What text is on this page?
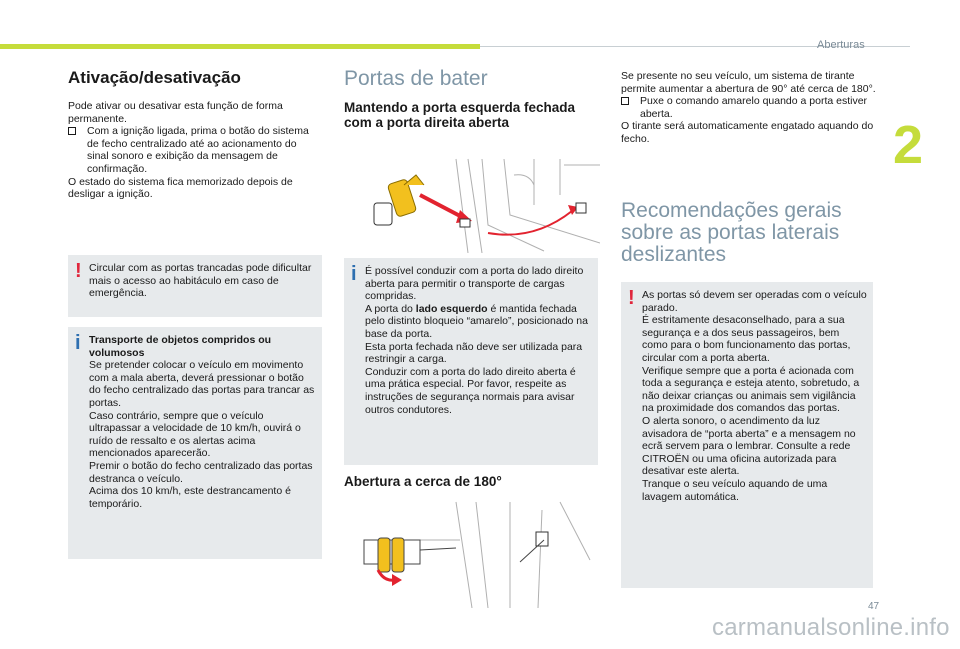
Aberturas
2
Ativação/desativação

Pode ativar ou desativar esta função de forma permanente.

Com a ignição ligada, prima o botão do sistema de fecho centralizado até ao acionamento do sinal sonoro e exibição da mensagem de confirmação.

O estado do sistema fica memorizado depois de desligar a ignição.

! Circular com as portas trancadas pode dificultar mais o acesso ao habitáculo em caso de emergência.

i Transporte de objetos compridos ou volumosos

Se pretender colocar o veículo em movimento com a mala aberta, deverá pressionar o botão do fecho centralizado das portas para trancar as portas.

Caso contrário, sempre que o veículo ultrapassar a velocidade de 10 km/h, ouvirá o ruído de ressalto e os alertas acima mencionados aparecerão.

Premir o botão do fecho centralizado das portas destranca o veículo.

Acima dos 10 km/h, este destrancamento é temporário.

Portas de bater
Mantendo a porta esquerda fechada com a porta direita aberta
i É possível conduzir com a porta do lado direito aberta para permitir o transporte de cargas compridas.

A porta do lado esquerdo é mantida fechada pelo distinto bloqueio “amarelo”, posicionado na base da porta.

Esta porta fechada não deve ser utilizada para restringir a carga.

Conduzir com a porta do lado direito aberta é uma prática especial. Por favor, respeite as instruções de segurança normais para avisar outros condutores.

Abertura a cerca de 180°

Se presente no seu veículo, um sistema de tirante permite aumentar a abertura de 90° até cerca de 180°.

Puxe o comando amarelo quando a porta estiver aberta.

O tirante será automaticamente engatado aquando do fecho.

Recomendações gerais sobre as portas laterais deslizantes
! As portas só devem ser operadas com o veículo parado.

É estritamente desaconselhado, para a sua segurança e a dos seus passageiros, bem como para o bom funcionamento das portas, circular com a porta aberta.

Verifique sempre que a porta é acionada com toda a segurança e esteja atento, sobretudo, a não deixar crianças ou animais sem vigilância na proximidade dos comandos das portas.

O alerta sonoro, o acendimento da luz avisadora de “porta aberta” e a mensagem no ecrã servem para o lembrar. Consulte a rede CITROËN ou uma oficina autorizada para desativar este alerta.

Tranque o seu veículo aquando de uma lavagem automática.

47
carmanualsonline.info
